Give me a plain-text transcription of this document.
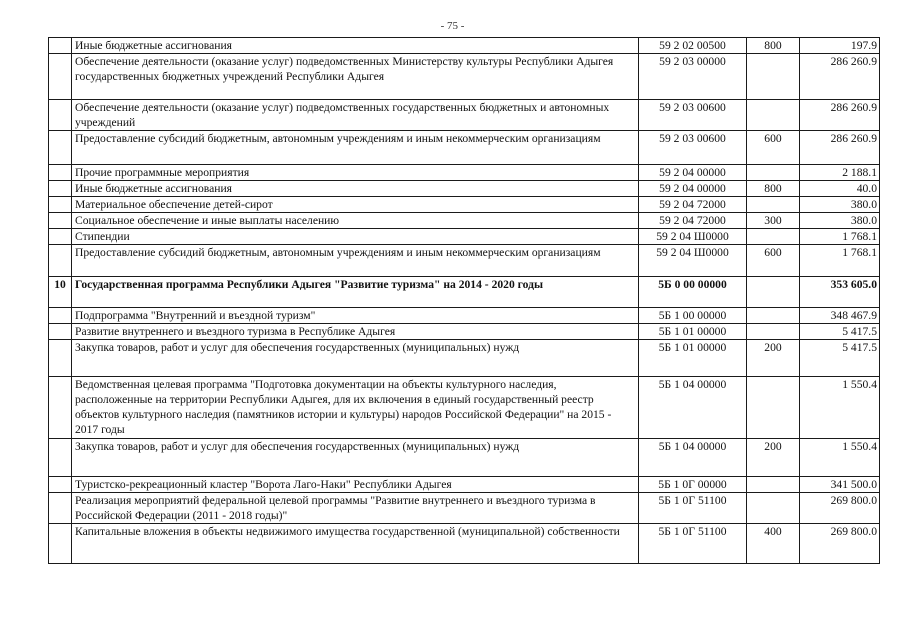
- 75 -
	Иные бюджетные ассигнования	59 2 02 00500	800	197.9
	Обеспечение деятельности (оказание услуг) подведомственных Министерству культуры Республики Адыгея государственных бюджетных учреждений Республики Адыгея	59 2 03 00000		286 260.9
	Обеспечение деятельности (оказание услуг) подведомственных государственных бюджетных и автономных учреждений	59 2 03 00600		286 260.9
	Предоставление субсидий бюджетным, автономным учреждениям и иным некоммерческим организациям	59 2 03 00600	600	286 260.9
	Прочие программные мероприятия	59 2 04 00000		2 188.1
	Иные бюджетные ассигнования	59 2 04 00000	800	40.0
	Материальное обеспечение детей-сирот	59 2 04 72000		380.0
	Социальное обеспечение и иные выплаты населению	59 2 04 72000	300	380.0
	Стипендии	59 2 04 Ш0000		1 768.1
	Предоставление субсидий бюджетным, автономным учреждениям и иным некоммерческим организациям	59 2 04 Ш0000	600	1 768.1
10	Государственная программа Республики Адыгея "Развитие туризма" на 2014 - 2020 годы	5Б 0 00 00000		353 605.0
	Подпрограмма "Внутренний и въездной туризм"	5Б 1 00 00000		348 467.9
	Развитие внутреннего и въездного туризма в Республике Адыгея	5Б 1 01 00000		5 417.5
	Закупка товаров, работ и услуг для обеспечения государственных (муниципальных) нужд	5Б 1 01 00000	200	5 417.5
	Ведомственная целевая программа "Подготовка документации на объекты культурного наследия, расположенные на территории Республики Адыгея, для их включения в единый государственный реестр объектов культурного наследия (памятников истории и культуры) народов Российской Федерации" на 2015 - 2017 годы	5Б 1 04 00000		1 550.4
	Закупка товаров, работ и услуг для обеспечения государственных (муниципальных) нужд	5Б 1 04 00000	200	1 550.4
	Туристско-рекреационный кластер "Ворота Лаго-Наки" Республики Адыгея	5Б 1 0Г 00000		341 500.0
	Реализация мероприятий федеральной целевой программы "Развитие внутреннего и въездного туризма в Российской Федерации (2011 - 2018 годы)"	5Б 1 0Г 51100		269 800.0
	Капитальные вложения в объекты недвижимого имущества государственной (муниципальной) собственности	5Б 1 0Г 51100	400	269 800.0
